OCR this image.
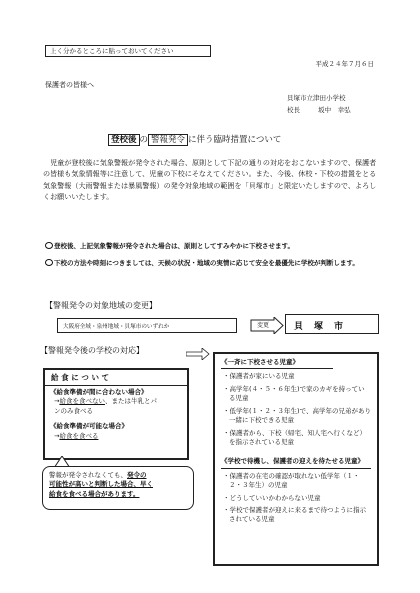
上く分かるところに貼っておいてください
平成２４年７月６日
保護者の皆様へ
貝塚市立津田小学校
校長	坂中　幸弘
登校後 の 警報発令 に伴う臨時措置について
　児童が登校後に気象警報が発令された場合、原則として下記の通りの対応をおこないますので、保護者の皆様も気象情報等に注意して、児童の下校にそなえてください。また、今後、休校・下校の措置をとる気象警報（大雨警報または暴風警報）の発令対象地域の範囲を「貝塚市」と限定いたしますので、よろしくお願いいたします。
登校後、上記気象警報が発令された場合は、原則としてすみやかに下校させます。
下校の方法や時刻につきましては、天候の状況・地域の実情に応じて安全を最優先に学校が判断します。
【警報発令の対象地域の変更】
大阪府全域・泉州地域・貝塚市のいずれか	変更	貝　塚　市
【警報発令後の学校の対応】
給 食 に つ い て
《給食準備が間に合わない場合》
→給食を食べない、または牛乳とパ
ンのみ食べる
《給食準備が可能な場合》
→給食を食べる
警報が発令されなくても、発令の
可能性が高いと判断した場合、早く
給食を食べる場合があります。
《一斉に下校させる児童》
・保護者が家にいる児童
・高学年(４・５・６年生)で家のカギを持っている児童
・低学年(１・２・３年生)で、高学年の兄弟があり一緒に下校できる児童
・保護者から、下校（帰宅、知人宅へ行くなど）を指示されている児童
《学校で待機し、保護者の迎えを待たせる児童》
・保護者の在宅の確認が取れない低学年（１・２・３年生）の児童
・どうしていいかわからない児童
・学校で保護者が迎えに来るまで待つように指示されている児童
